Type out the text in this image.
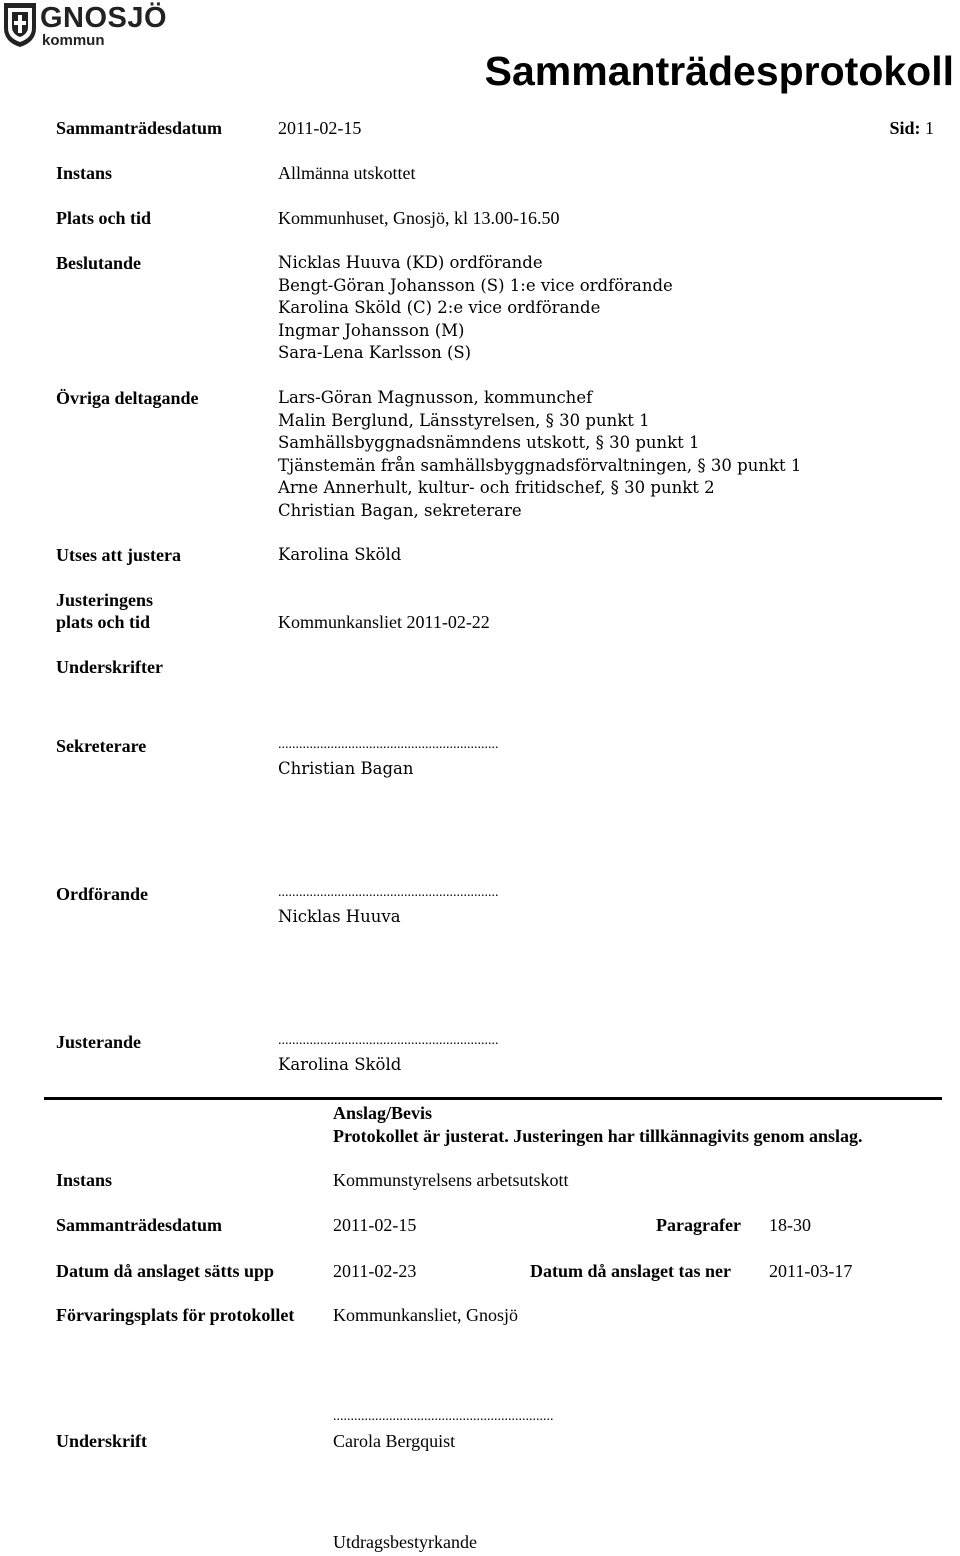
GNOSJÖ
kommun
Sammanträdesprotokoll
Sammanträdesdatum	2011-02-15	Sid: 1
Instans	Allmänna utskottet
Plats och tid	Kommunhuset, Gnosjö, kl 13.00-16.50
Beslutande	Nicklas Huuva (KD) ordförande
Bengt-Göran Johansson (S) 1:e vice ordförande
Karolina Sköld (C) 2:e vice ordförande
Ingmar Johansson (M)
Sara-Lena Karlsson (S)
Övriga deltagande	Lars-Göran Magnusson, kommunchef
Malin Berglund, Länsstyrelsen, § 30 punkt 1
Samhällsbyggnadsnämndens utskott, § 30 punkt 1
Tjänstemän från samhällsbyggnadsförvaltningen, § 30 punkt 1
Arne Annerhult, kultur- och fritidschef, § 30 punkt 2
Christian Bagan, sekreterare
Utses att justera	Karolina Sköld
Justeringens
plats och tid	Kommunkansliet 2011-02-22
Underskrifter
Sekreterare	...............................................................
Christian Bagan
Ordförande	...............................................................
Nicklas Huuva
Justerande	...............................................................
Karolina Sköld
Anslag/Bevis
Protokollet är justerat. Justeringen har tillkännagivits genom anslag.
Instans	Kommunstyrelsens arbetsutskott
Sammanträdesdatum	2011-02-15	Paragrafer 18-30
Datum då anslaget sätts upp	2011-02-23	Datum då anslaget tas ner 2011-03-17
Förvaringsplats för protokollet Kommunkansliet, Gnosjö
...............................................................
Underskrift	Carola Bergquist
Utdragsbestyrkande
